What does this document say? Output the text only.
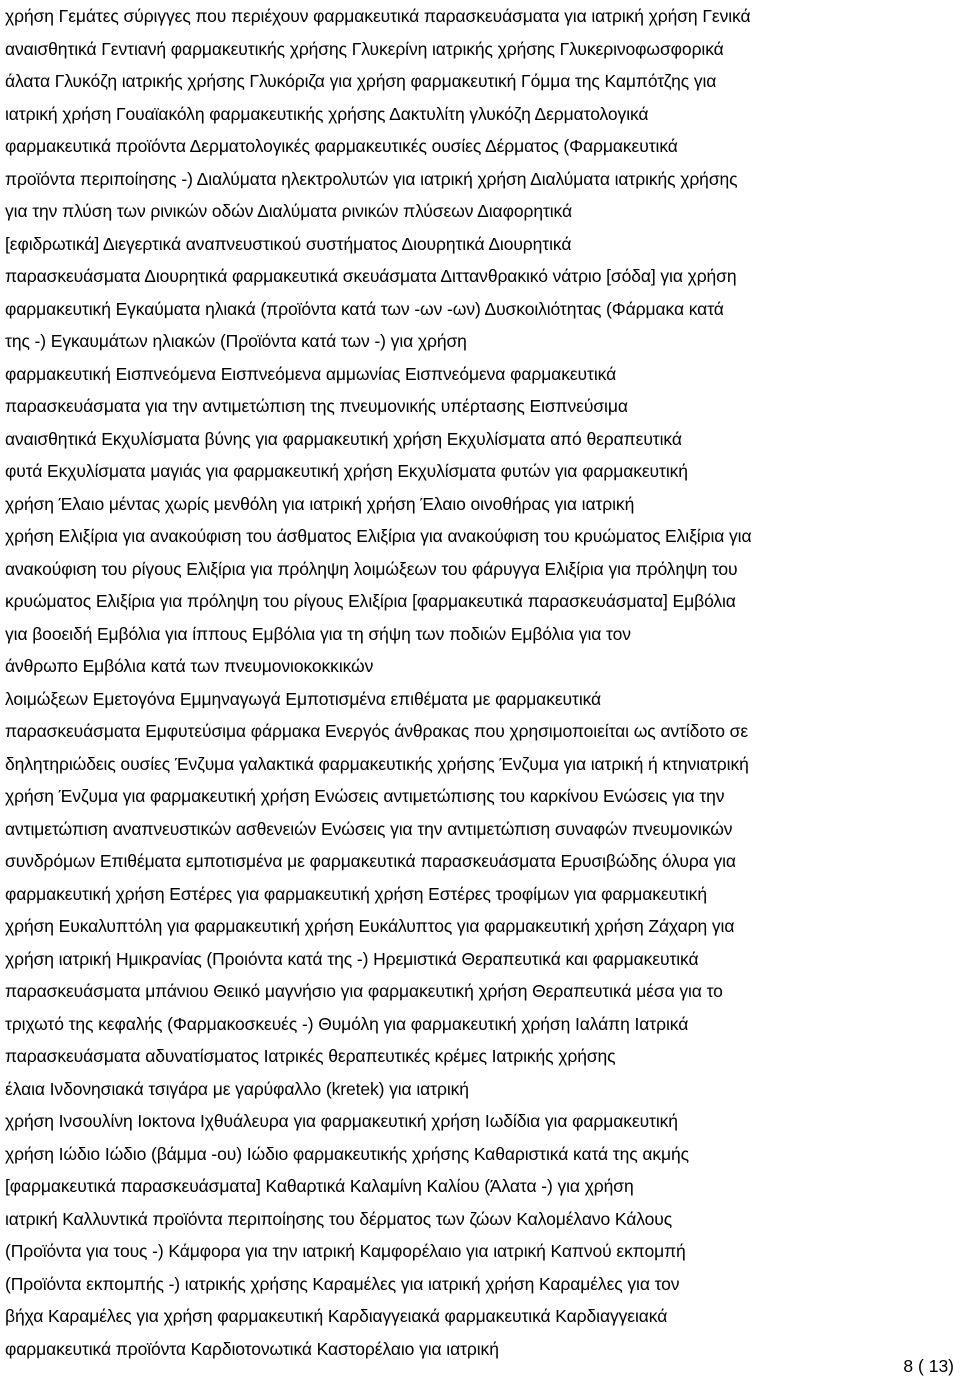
χρήση Γεμάτες σύριγγες που περιέχουν φαρμακευτικά παρασκευάσματα για ιατρική χρήση Γενικά
αναισθητικά Γεντιανή φαρμακευτικής χρήσης Γλυκερίνη ιατρικής χρήσης Γλυκερινοφωσφορικά
άλατα Γλυκόζη ιατρικής χρήσης Γλυκόριζα για χρήση φαρμακευτική Γόμμα της Καμπότζης για
ιατρική χρήση Γουαϊακόλη φαρμακευτικής χρήσης Δακτυλίτη γλυκόζη Δερματολογικά
φαρμακευτικά προϊόντα Δερματολογικές φαρμακευτικές ουσίες Δέρματος (Φαρμακευτικά
προϊόντα περιποίησης -) Διαλύματα ηλεκτρολυτών για ιατρική χρήση Διαλύματα ιατρικής χρήσης
για την πλύση των ρινικών οδών Διαλύματα ρινικών πλύσεων Διαφορητικά
[εφιδρωτικά] Διεγερτικά αναπνευστικού συστήματος Διουρητικά Διουρητικά
παρασκευάσματα Διουρητικά φαρμακευτικά σκευάσματα Διττανθρακικό νάτριο [σόδα] για χρήση
φαρμακευτική Εγκαύματα ηλιακά (προϊόντα κατά των -ων -ων) Δυσκοιλιότητας (Φάρμακα κατά
της -) Εγκαυμάτων ηλιακών (Προϊόντα κατά των -) για χρήση
φαρμακευτική Εισπνεόμενα Εισπνεόμενα αμμωνίας Εισπνεόμενα φαρμακευτικά
παρασκευάσματα για την αντιμετώπιση της πνευμονικής υπέρτασης Εισπνεύσιμα
αναισθητικά Εκχυλίσματα βύνης για φαρμακευτική χρήση Εκχυλίσματα από θεραπευτικά
φυτά Εκχυλίσματα μαγιάς για φαρμακευτική χρήση Εκχυλίσματα φυτών για φαρμακευτική
χρήση Έλαιο μέντας χωρίς μενθόλη για ιατρική χρήση Έλαιο οινοθήρας για ιατρική
χρήση Ελιξίρια για ανακούφιση του άσθματος Ελιξίρια για ανακούφιση του κρυώματος Ελιξίρια για
ανακούφιση του ρίγους Ελιξίρια για πρόληψη λοιμώξεων του φάρυγγα Ελιξίρια για πρόληψη του
κρυώματος Ελιξίρια για πρόληψη του ρίγους Ελιξίρια [φαρμακευτικά παρασκευάσματα] Εμβόλια
για βοοειδή Εμβόλια για ίππους Εμβόλια για τη σήψη των ποδιών Εμβόλια για τον
άνθρωπο Εμβόλια κατά των πνευμονιοκοκκικών
λοιμώξεων Εμετογόνα Εμμηναγωγά Εμποτισμένα επιθέματα με φαρμακευτικά
παρασκευάσματα Εμφυτεύσιμα φάρμακα Ενεργός άνθρακας που χρησιμοποιείται ως αντίδοτο σε
δηλητηριώδεις ουσίες Ένζυμα γαλακτικά φαρμακευτικής χρήσης Ένζυμα για ιατρική ή κτηνιατρική
χρήση Ένζυμα για φαρμακευτική χρήση Ενώσεις αντιμετώπισης του καρκίνου Ενώσεις για την
αντιμετώπιση αναπνευστικών ασθενειών Ενώσεις για την αντιμετώπιση συναφών πνευμονικών
συνδρόμων Επιθέματα εμποτισμένα με φαρμακευτικά παρασκευάσματα Ερυσιβώδης όλυρα για
φαρμακευτική χρήση Εστέρες για φαρμακευτική χρήση Εστέρες τροφίμων για φαρμακευτική
χρήση Ευκαλυπτόλη για φαρμακευτική χρήση Ευκάλυπτος για φαρμακευτική χρήση Ζάχαρη για
χρήση ιατρική Ημικρανίας (Προιόντα κατά της -) Ηρεμιστικά Θεραπευτικά και φαρμακευτικά
παρασκευάσματα μπάνιου Θειικό μαγνήσιο για φαρμακευτική χρήση Θεραπευτικά μέσα για το
τριχωτό της κεφαλής (Φαρμακοσκευές -) Θυμόλη για φαρμακευτική χρήση Ιαλάπη Ιατρικά
παρασκευάσματα αδυνατίσματος Ιατρικές θεραπευτικές κρέμες Ιατρικής χρήσης
έλαια Ινδονησιακά τσιγάρα με γαρύφαλλο (kretek) για ιατρική
χρήση Ινσουλίνη Ιοκτονα Ιχθυάλευρα για φαρμακευτική χρήση Ιωδίδια για φαρμακευτική
χρήση Ιώδιο Ιώδιο (βάμμα -ου) Ιώδιο φαρμακευτικής χρήσης Καθαριστικά κατά της ακμής
[φαρμακευτικά παρασκευάσματα] Καθαρτικά Καλαμίνη Καλίου (Άλατα -) για χρήση
ιατρική Καλλυντικά προϊόντα περιποίησης του δέρματος των ζώων Καλομέλανο Κάλους
(Προϊόντα για τους -) Κάμφορα για την ιατρική Καμφορέλαιο για ιατρική Καπνού εκπομπή
(Προϊόντα εκπομπής -) ιατρικής χρήσης Καραμέλες για ιατρική χρήση Καραμέλες για τον
βήχα Καραμέλες για χρήση φαρμακευτική Καρδιαγγειακά φαρμακευτικά Καρδιαγγειακά
φαρμακευτικά προϊόντα Καρδιοτονωτικά Καστορέλαιο για ιατρική
8 ( 13)
